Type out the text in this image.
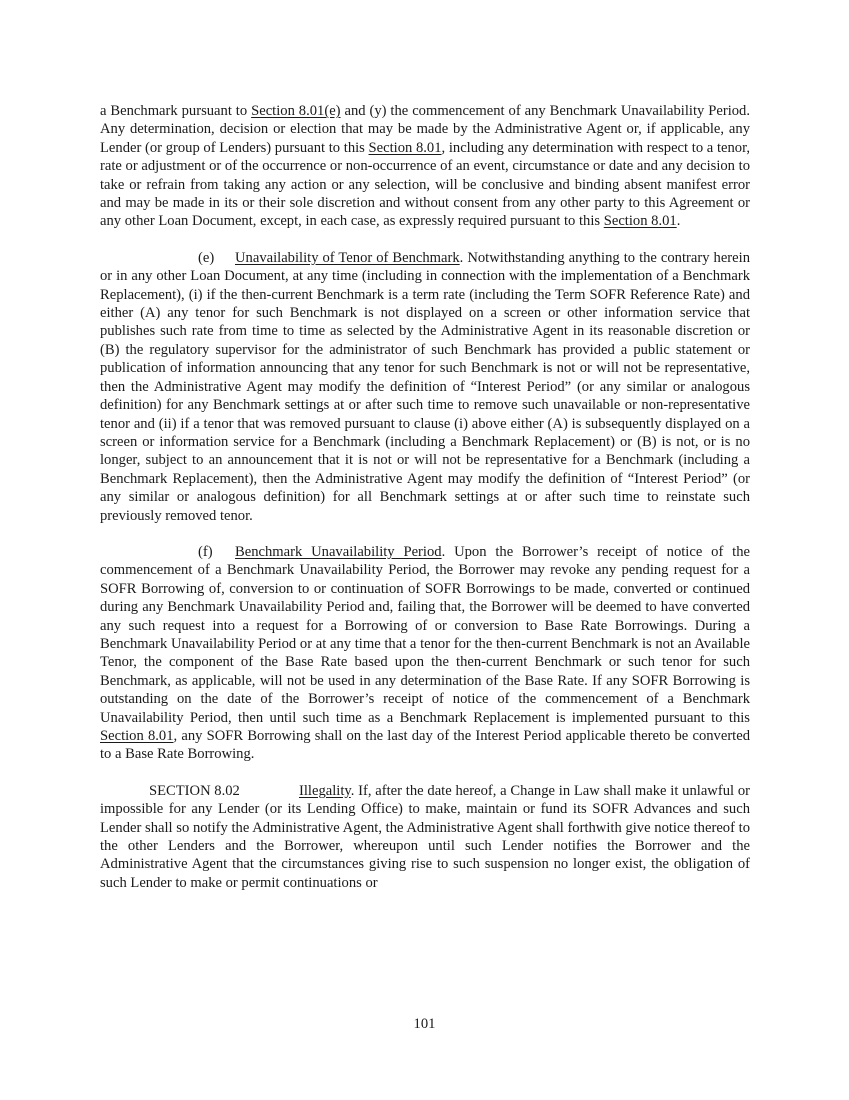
a Benchmark pursuant to Section 8.01(e) and (y) the commencement of any Benchmark Unavailability Period. Any determination, decision or election that may be made by the Administrative Agent or, if applicable, any Lender (or group of Lenders) pursuant to this Section 8.01, including any determination with respect to a tenor, rate or adjustment or of the occurrence or non-occurrence of an event, circumstance or date and any decision to take or refrain from taking any action or any selection, will be conclusive and binding absent manifest error and may be made in its or their sole discretion and without consent from any other party to this Agreement or any other Loan Document, except, in each case, as expressly required pursuant to this Section 8.01.

(e) Unavailability of Tenor of Benchmark. Notwithstanding anything to the contrary herein or in any other Loan Document, at any time (including in connection with the implementation of a Benchmark Replacement), (i) if the then-current Benchmark is a term rate (including the Term SOFR Reference Rate) and either (A) any tenor for such Benchmark is not displayed on a screen or other information service that publishes such rate from time to time as selected by the Administrative Agent in its reasonable discretion or (B) the regulatory supervisor for the administrator of such Benchmark has provided a public statement or publication of information announcing that any tenor for such Benchmark is not or will not be representative, then the Administrative Agent may modify the definition of “Interest Period” (or any similar or analogous definition) for any Benchmark settings at or after such time to remove such unavailable or non-representative tenor and (ii) if a tenor that was removed pursuant to clause (i) above either (A) is subsequently displayed on a screen or information service for a Benchmark (including a Benchmark Replacement) or (B) is not, or is no longer, subject to an announcement that it is not or will not be representative for a Benchmark (including a Benchmark Replacement), then the Administrative Agent may modify the definition of “Interest Period” (or any similar or analogous definition) for all Benchmark settings at or after such time to reinstate such previously removed tenor.

(f) Benchmark Unavailability Period. Upon the Borrower’s receipt of notice of the commencement of a Benchmark Unavailability Period, the Borrower may revoke any pending request for a SOFR Borrowing of, conversion to or continuation of SOFR Borrowings to be made, converted or continued during any Benchmark Unavailability Period and, failing that, the Borrower will be deemed to have converted any such request into a request for a Borrowing of or conversion to Base Rate Borrowings. During a Benchmark Unavailability Period or at any time that a tenor for the then-current Benchmark is not an Available Tenor, the component of the Base Rate based upon the then-current Benchmark or such tenor for such Benchmark, as applicable, will not be used in any determination of the Base Rate. If any SOFR Borrowing is outstanding on the date of the Borrower’s receipt of notice of the commencement of a Benchmark Unavailability Period, then until such time as a Benchmark Replacement is implemented pursuant to this Section 8.01, any SOFR Borrowing shall on the last day of the Interest Period applicable thereto be converted to a Base Rate Borrowing.

SECTION 8.02	Illegality. If, after the date hereof, a Change in Law shall make it unlawful or impossible for any Lender (or its Lending Office) to make, maintain or fund its SOFR Advances and such Lender shall so notify the Administrative Agent, the Administrative Agent shall forthwith give notice thereof to the other Lenders and the Borrower, whereupon until such Lender notifies the Borrower and the Administrative Agent that the circumstances giving rise to such suspension no longer exist, the obligation of such Lender to make or permit continuations or

101
